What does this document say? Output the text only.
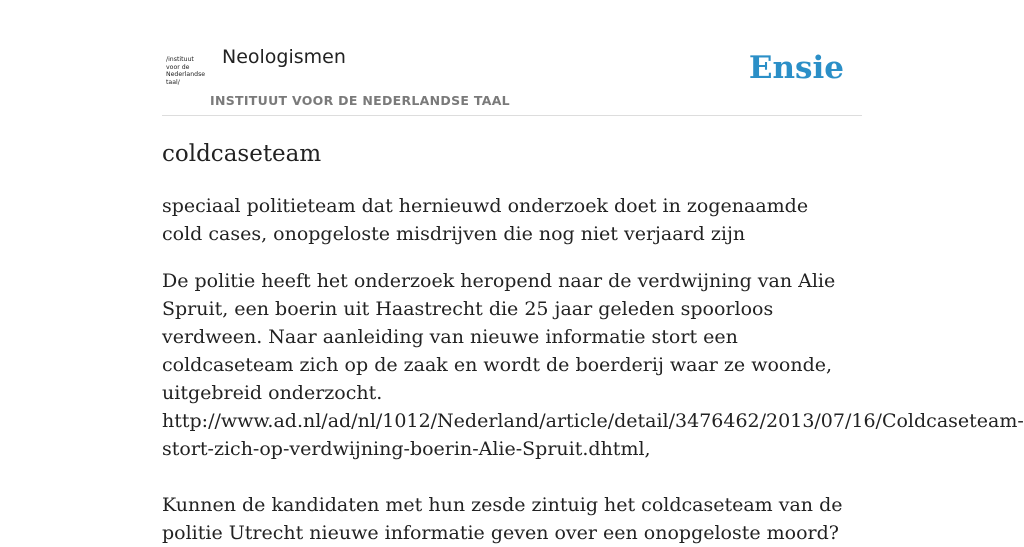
/instituut
voor de
Nederlandse
taal/
Neologismen
INSTITUUT VOOR DE NEDERLANDSE TAAL
Ensie
coldcaseteam

speciaal politieteam dat hernieuwd onderzoek doet in zogenaamde cold cases, onopgeloste misdrijven die nog niet verjaard zijn

De politie heeft het onderzoek heropend naar de verdwijning van Alie Spruit, een boerin uit Haastrecht die 25 jaar geleden spoorloos verdween. Naar aanleiding van nieuwe informatie stort een coldcaseteam zich op de zaak en wordt de boerderij waar ze woonde, uitgebreid onderzocht.
http://www.ad.nl/ad/nl/1012/Nederland/article/detail/3476462/2013/07/16/Coldcaseteam-
stort-zich-op-verdwijning-boerin-Alie-Spruit.dhtml,
Kunnen de kandidaten met hun zesde zintuig het coldcaseteam van de politie Utrecht nieuwe informatie geven over een onopgeloste moord?
